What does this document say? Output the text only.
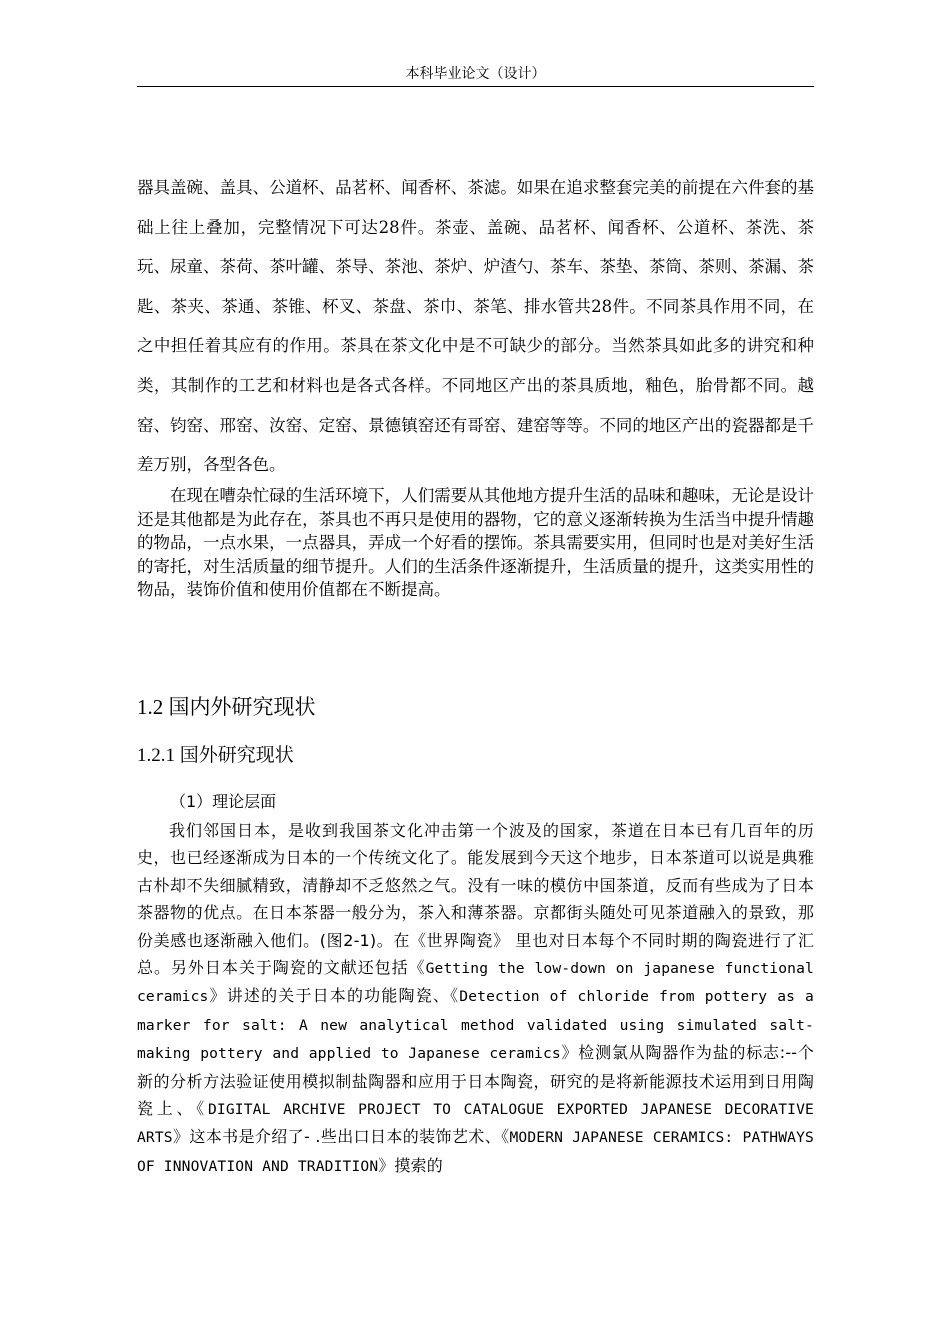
本科毕业论文（设计）

器具盖碗、盖具、公道杯、品茗杯、闻香杯、茶滤。如果在追求整套完美的前提在六件套的基础上往上叠加，完整情况下可达28件。茶壶、盖碗、品茗杯、闻香杯、公道杯、茶洗、茶玩、尿童、茶荷、茶叶罐、茶导、茶池、茶炉、炉渣勺、茶车、茶垫、茶筒、茶则、茶漏、茶匙、茶夹、茶通、茶锥、杯叉、茶盘、茶巾、茶笔、排水管共28件。不同茶具作用不同，在之中担任着其应有的作用。茶具在茶文化中是不可缺少的部分。当然茶具如此多的讲究和种类，其制作的工艺和材料也是各式各样。不同地区产出的茶具质地，釉色，胎骨都不同。越窑、钧窑、邢窑、汝窑、定窑、景德镇窑还有哥窑、建窑等等。不同的地区产出的瓷器都是千差万别，各型各色。

在现在嘈杂忙碌的生活环境下，人们需要从其他地方提升生活的品味和趣味，无论是设计还是其他都是为此存在，茶具也不再只是使用的器物，它的意义逐渐转换为生活当中提升情趣的物品，一点水果，一点器具，弄成一个好看的摆饰。茶具需要实用，但同时也是对美好生活的寄托，对生活质量的细节提升。人们的生活条件逐渐提升，生活质量的提升，这类实用性的物品，装饰价值和使用价值都在不断提高。

1.2 国内外研究现状
1.2.1 国外研究现状
（1）理论层面

我们邻国日本，是收到我国茶文化冲击第一个波及的国家，茶道在日本已有几百年的历史，也已经逐渐成为日本的一个传统文化了。能发展到今天这个地步，日本茶道可以说是典雅古朴却不失细腻精致，清静却不乏悠然之气。没有一味的模仿中国茶道，反而有些成为了日本茶器物的优点。在日本茶器一般分为，茶入和薄茶器。京都街头随处可见茶道融入的景致，那份美感也逐渐融入他们。(图2-1)。在《世界陶瓷》 里也对日本每个不同时期的陶瓷进行了汇总。另外日本关于陶瓷的文献还包括《Getting the low-down on japanese functional ceramics》讲述的关于日本的功能陶瓷、《Detection of chloride from pottery as a marker for salt: A new analytical method validated using simulated salt-making pottery and applied to Japanese ceramics》检测氯从陶器作为盐的标志:--个新的分析方法验证使用模拟制盐陶器和应用于日本陶瓷，研究的是将新能源技术运用到日用陶瓷上、《DIGITAL ARCHIVE PROJECT TO CATALOGUE EXPORTED JAPANESE DECORATIVE ARTS》这本书是介绍了- .些出口日本的装饰艺术、《MODERN JAPANESE CERAMICS: PATHWAYS OF INNOVATION AND TRADITION》摸索的
